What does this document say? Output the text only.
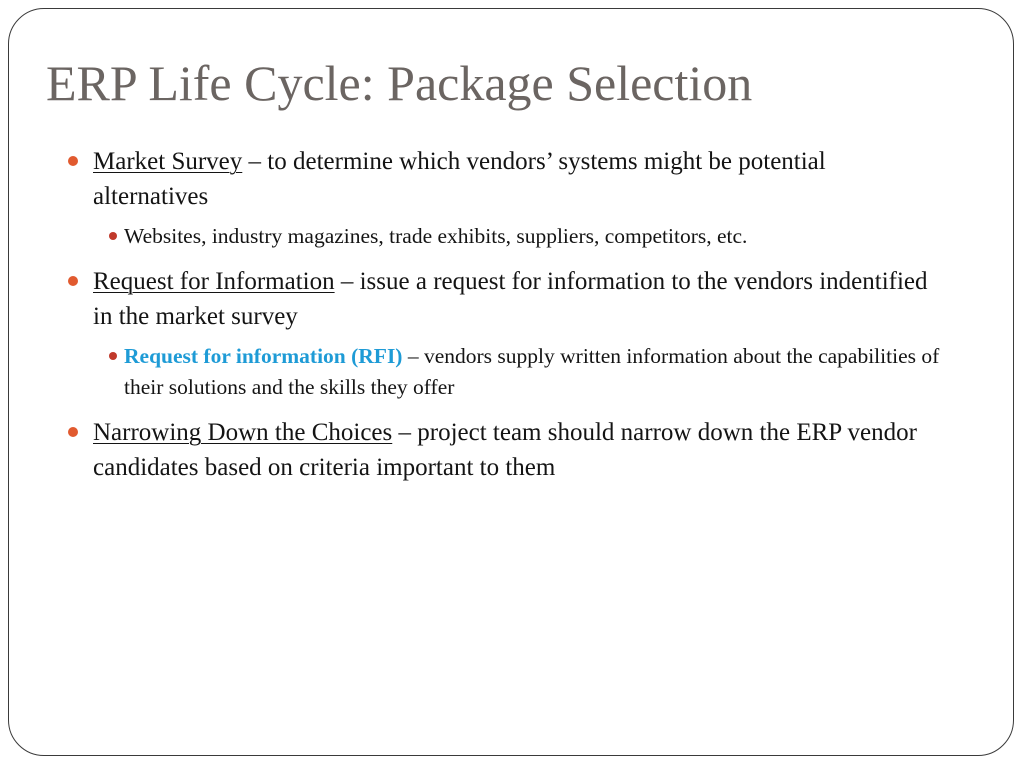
ERP Life Cycle: Package Selection
Market Survey – to determine which vendors’ systems might be potential alternatives
Websites, industry magazines, trade exhibits, suppliers, competitors, etc.
Request for Information – issue a request for information to the vendors indentified in the market survey
Request for information (RFI) – vendors supply written information about the capabilities of their solutions and the skills they offer
Narrowing Down the Choices – project team should narrow down the ERP vendor candidates based on criteria important to them
